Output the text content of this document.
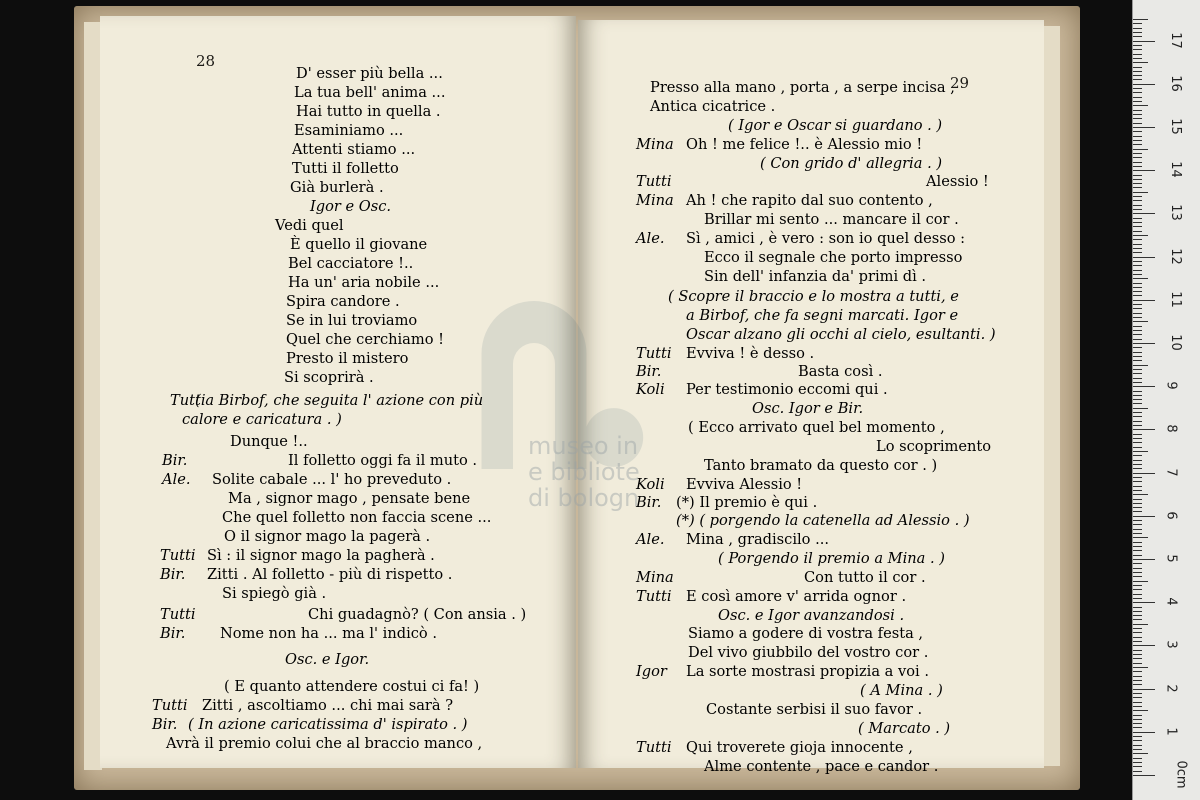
28
29
museo in
e bibliote
di bologn
D' esser più bella ...
La tua bell' anima ...
Hai tutto in quella .
Esaminiamo ...
Attenti stiamo ...
Tutti il folletto
Già burlerà .
Igor e Osc.
Vedi quel
È quello il giovane
Bel cacciatore !..
Ha un' aria nobile ...
Spira candore .
Se in lui troviamo
Quel che cerchiamo !
Presto il mistero
Si scoprirà .
( a Birbof, che seguita l' azione con più
Tutti
calore e caricatura . )
Dunque !..
Il folletto oggi fa il muto .
Bir.
Solite cabale ... l' ho preveduto .
Ale.
Ma , signor mago , pensate bene
Che quel folletto non faccia scene ...
O il signor mago la pagerà .
Sì : il signor mago la pagherà .
Tutti
Zitti . Al folletto - più di rispetto .
Bir.
Si spiegò già .
Chi guadagnò? ( Con ansia . )
Tutti
Nome non ha ... ma l' indicò .
Bir.
Osc. e Igor.
( E quanto attendere costui ci fa! )
Zitti , ascoltiamo ... chi mai sarà ?
Tutti
( In azione caricatissima d' ispirato . )
Bir.
Avrà il premio colui che al braccio manco ,
Presso alla mano , porta , a serpe incisa ,
Antica cicatrice .
( Igor e Oscar si guardano . )
Oh ! me felice !.. è Alessio mio !
Mina
( Con grido d' allegria . )
Alessio !
Tutti
Ah ! che rapito dal suo contento ,
Mina
Brillar mi sento ... mancare il cor .
Sì , amici , è vero : son io quel desso :
Ale.
Ecco il segnale che porto impresso
Sin dell' infanzia da' primi dì .
( Scopre il braccio e lo mostra a tutti, e
a Birbof, che fa segni marcati. Igor e
Oscar alzano gli occhi al cielo, esultanti. )
Evviva ! è desso .
Tutti
Basta così .
Bir.
Per testimonio eccomi qui .
Koli
Osc. Igor e Bir.
( Ecco arrivato quel bel momento ,
Lo scoprimento
Tanto bramato da questo cor . )
Evviva Alessio !
Koli
(*) Il premio è qui .
Bir.
(*) ( porgendo la catenella ad Alessio . )
Mina , gradiscilo ...
Ale.
( Porgendo il premio a Mina . )
Con tutto il cor .
Mina
E così amore v' arrida ognor .
Tutti
Osc. e Igor avanzandosi .
Siamo a godere di vostra festa ,
Del vivo giubbilo del vostro cor .
La sorte mostrasi propizia a voi .
Igor
( A Mina . )
Costante serbisi il suo favor .
( Marcato . )
Qui troverete gioja innocente ,
Tutti
Alme contente , pace e candor .	0cm
1
2
3
4
5
6
7
8
9
10
11
12
13
14
15
16
17
